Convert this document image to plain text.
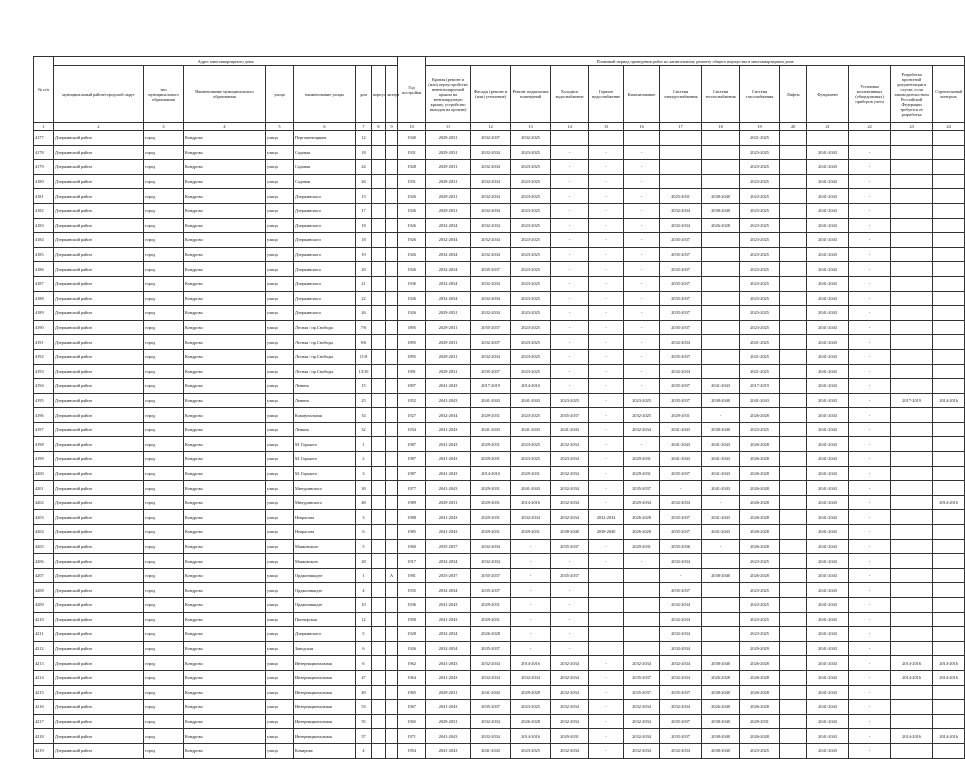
№ п/п	Адрес многоквартирного дома								Год постройки	Плановый период проведения работ по капитальному ремонту общего имущества в многоквартирном доме													
	муниципальный район/городской округ	тип муниципального образования	Наименование муниципального образования	улица	наименование улицы	дом	корпус	литера		Кровля (ремонт и (или) переустройство невентилируемой крыши на вентилируемую крышу, устройство выходов на кровлю)	Фасады (ремонт и (или) утепление)	Ремонт подвальных помещений	Холодное водоснабжение	Горячее водоснабжение	Канализование	Система электроснабжения	Система теплоснабжения	Система газоснабжения	Лифты	Фундамент	Установка коллективных (общедомовых) приборов учета	Разработка проектной документации в случае, если законодательством Российской Федерации требуется ее разработка	Строительный контроль
1	2	3	4	5	6	7	8	9	10	11	12	13	14	15	16	17	18	19	20	21	22	23	24
4177	Дзержинский район	город	Кондрово	улица	Пергаментщиков	12			1940	2029-2031	2032-2037	2032-2025						2021-2025					
4178	Дзержинский район	город	Кондрово	улица	Садовая	18			1931	2029-2031	2032-2034	2023-2025	-	-	-			2023-2025		2041-2043	-		
4179	Дзержинский район	город	Кондрово	улица	Садовая	24			1928	2029-2031	2032-2034	2023-2025	-	-	-			2023-2025		2041-2043	-		
4180	Дзержинский район	город	Кондрово	улица	Садовая	26			1931	2029-2031	2032-2034	2023-2025	-	-	-			2023-2025		2041-2043	-		
4181	Дзержинский район	город	Кондрово	улица	Дзержинского	15			1926	2029-2031	2032-2034	2023-2025	-	-	-	2025-2031	2038-2040	2023-2025		2041-2043	-		
4182	Дзержинский район	город	Кондрово	улица	Дзержинского	17			1926	2029-2031	2032-2034	2023-2025	-	-	-	2032-2034	2038-2040	2023-2025		2041-2043	-		
4183	Дзержинский район	город	Кондрово	улица	Дзержинского	18			1926	2032-2034	2032-2034	2023-2025	-	-	-	2032-2034	2026-2028	2023-2025		2041-2043	-		
4184	Дзержинский район	город	Кондрово	улица	Дзержинского	18			1926	2032-2034	2032-2034	2023-2025	-	-	-	2035-2037		2023-2025		2041-2043	-		
4185	Дзержинский район	город	Кондрово	улица	Дзержинского	19			1926	2032-2034	2032-2034	2023-2025	-	-	-	2035-2037		2023-2025		2041-2043	-		
4186	Дзержинский район	город	Кондрово	улица	Дзержинского	20			1926	2032-2034	2035-2037	2023-2025	-	-	-	2035-2037		2023-2025		2041-2043	-		
4187	Дзержинский район	город	Кондрово	улица	Дзержинского	21			1936	2032-2034	2032-2034	2023-2025	-	-	-	2035-2037		2023-2025		2041-2043	-		
4188	Дзержинский район	город	Кондрово	улица	Дзержинского	22			1926	2032-2034	2032-2034	2023-2025	-	-	-	2035-2037		2023-2025		2041-2043	-		
4189	Дзержинский район	город	Кондрово	улица	Дзержинского	26			1926	2029-2031	2032-2034	2023-2025	-	-	-	2035-2037		2023-2025		2041-2043	-		
4190	Дзержинский район	город	Кондрово	улица	Лесная / пр.Свободы	7/6			1895	2029-2031	2035-2037	2023-2025	-	-	-	2035-2037		2023-2025		2041-2043	-		
4191	Дзержинский район	город	Кондрово	улица	Лесная / пр.Свободы	9/6			1895	2029-2031	2032-2037	2023-2025	-	-	-	2032-2034		2021-2025		2041-2043	-		
4192	Дзержинский район	город	Кондрово	улица	Лесная / пр.Свободы	11/8			1895	2029-2031	2032-2034	2023-2025	-	-	-	2035-2037		2021-2025		2041-2043	-		
4193	Дзержинский район	город	Кондрово	улица	Лесная / пр.Свободы	13/10			1901	2029-2031	2035-2037	2023-2025	-	-	-	2032-2034		2021-2025		2041-2043	-		
4194	Дзержинский район	город	Кондрово	улица	Ленина	15			1897	2041-2043	2017-2019	2014-2016	-	-	-	2035-2037	2041-2043	2017-2019		2041-2043	-		
4195	Дзержинский район	город	Кондрово	улица	Ленина	25			1952	2041-2043	2041-2043	2041-2043	2023-2025	-	2023-2025	2035-2037	2038-2040	2041-2043		2041-2043	-	2017-2019	2014-2016
4196	Дзержинский район	город	Кондрово	улица	Коммунальная	33			1927	2032-2034	2029-2031	2023-2025	2035-2037	-	2032-2025	2029-2031	-	2026-2028		2041-2043	-		
4197	Дзержинский район	город	Кондрово	улица	Ленина	32			1934	2041-2043	2041-2043	2041-2043	2041-2043	-	2032-2034	2041-2043	2038-2040	2023-2025		2041-2043	-		
4198	Дзержинский район	город	Кондрово	улица	М. Горького	1			1987	2041-2043	2029-2031	2023-2025	2032-2034	-	-	2041-2043	2041-2043	2026-2028		2041-2043	-		
4199	Дзержинский район	город	Кондрово	улица	М. Горького	2			1987	2041-2043	2029-2031	2023-2025	2023-2034	-	2029-2031	2041-2043	2041-2043	2026-2028		2041-2043	-		
4200	Дзержинский район	город	Кондрово	улица	М. Горького	3			1987	2041-2043	2014-2016	2029-2031	2032-2034	-	2029-2031	2035-2037	2041-2043	2026-2028		2041-2043	-		
4201	Дзержинский район	город	Кондрово	улица	Мичуринского	30			1977	2041-2043	2029-2031	2041-2043	2032-2034	-	2035-2037	-	2041-2043	2026-2028		2041-2043	-		
4202	Дзержинский район	город	Кондрово	улица	Мичуринского	48			1989	2029-2031	2029-2031	2014-2016	2032-2034	-	2029-2034	2032-2034	-	2026-2028		2041-2043	-		2014-2016
4203	Дзержинский район	город	Кондрово	улица	Некрасова	3			1988	2041-2043	2029-2031	2032-2034	2032-2034	2032-2034	2026-2028	2035-2037	2041-2043	2026-2028		2041-2043	-		
4204	Дзержинский район	город	Кондрово	улица	Некрасова	6			1985	2041-2043	2029-2031	2029-2031	2038-2040	2038-2040	2026-2028	2035-2037	2041-2043	2026-2028		2041-2043	-		
4205	Дзержинский район	город	Кондрово	улица	Маяковского	5			1960	2035-2037	2032-2034	-	2035-2037	-	2029-2031	2035-2036	-	2026-2028		2041-2043	-		
4206	Дзержинский район	город	Кондрово	улица	Маяковского	28			1917	2032-2034	2032-2034	-	-	-	-	2032-2034		2023-2025		2041-2043	-		
4207	Дзержинский район	город	Кондрово	улица	Орджоникидзе	1		А	1981	2035-2037	2035-2037	-	2035-2037			-	2038-2040	2026-2028		2041-2043	-		
4208	Дзержинский район	город	Кондрово	улица	Орджоникидзе	4			1935	2032-2034	2035-2037	-	-			2035-2037		2023-2025		2041-2043	-		
4209	Дзержинский район	город	Кондрово	улица	Орджоникидзе	10			1936	2041-2043	2029-2031	-	-			2032-2034		2023-2025		2041-2043	-		
4210	Дзержинский район	город	Кондрово	улица	Пионерская	12			1958	2041-2043	2029-2031	-	-			2032-2034		2023-2025		2041-2043	-		
4211	Дзержинский район	город	Кондрово	улица	Дзержинского	5			1928	2032-2034	2026-2028	-	-			2032-2034		2023-2025		2041-2043	-		
4212	Дзержинский район	город	Кондрово	улица	Заводская	6			1926	2032-2034	2035-2037	-	-			2032-2034		2029-2029		2041-2043	-		
4213	Дзержинский район	город	Кондрово	улица	Интернациональная	6			1962	2041-2043	2032-2034	2014-2016	2032-2034	-	2032-2034	2032-2034	2038-2040	2026-2028		2041-2043	-	2014-2016	2014-2016
4214	Дзержинский район	город	Кондрово	улица	Интернациональная	47			1964	2041-2043	2032-2034	2032-2034	2032-2034	-	2035-2037	2032-2034	2026-2028	2026-2028		2041-2043	-	2014-2016	2014-2016
4215	Дзержинский район	город	Кондрово	улица	Интернациональная	49			1965	2029-2031	2041-2043	2029-2028	2032-2034	-	2035-2037	2035-2037	2038-2040	2026-2028		2041-2043	-		
4216	Дзержинский район	город	Кондрово	улица	Интернациональная	53			1967	2041-2043	2035-2037	2023-2025	2032-2034	-	2032-2034	2032-2034	2026-2040	2026-2028		2041-2043	-		
4217	Дзержинский район	город	Кондрово	улица	Интернациональная	55			1965	2029-2031	2032-2034	2026-2028	2032-2034	-	2032-2034	2035-2037	2038-2040	2029-2031		2041-2043	-		
4218	Дзержинский район	город	Кондрово	улица	Интернациональная	57			1971	2041-2043	2032-2034	2014-2016	2029-2031	-	2032-2034	2035-2037	2038-2040	2026-2028		2041-2043	-	2014-2016	2014-2016
4219	Дзержинский район	город	Кондрово	улица	Комарова	4			1954	2041-2043	2041-2043	2023-2025	2032-2034	-	2032-2034	2032-2034	2038-2040	2023-2025		2041-2043	-		
